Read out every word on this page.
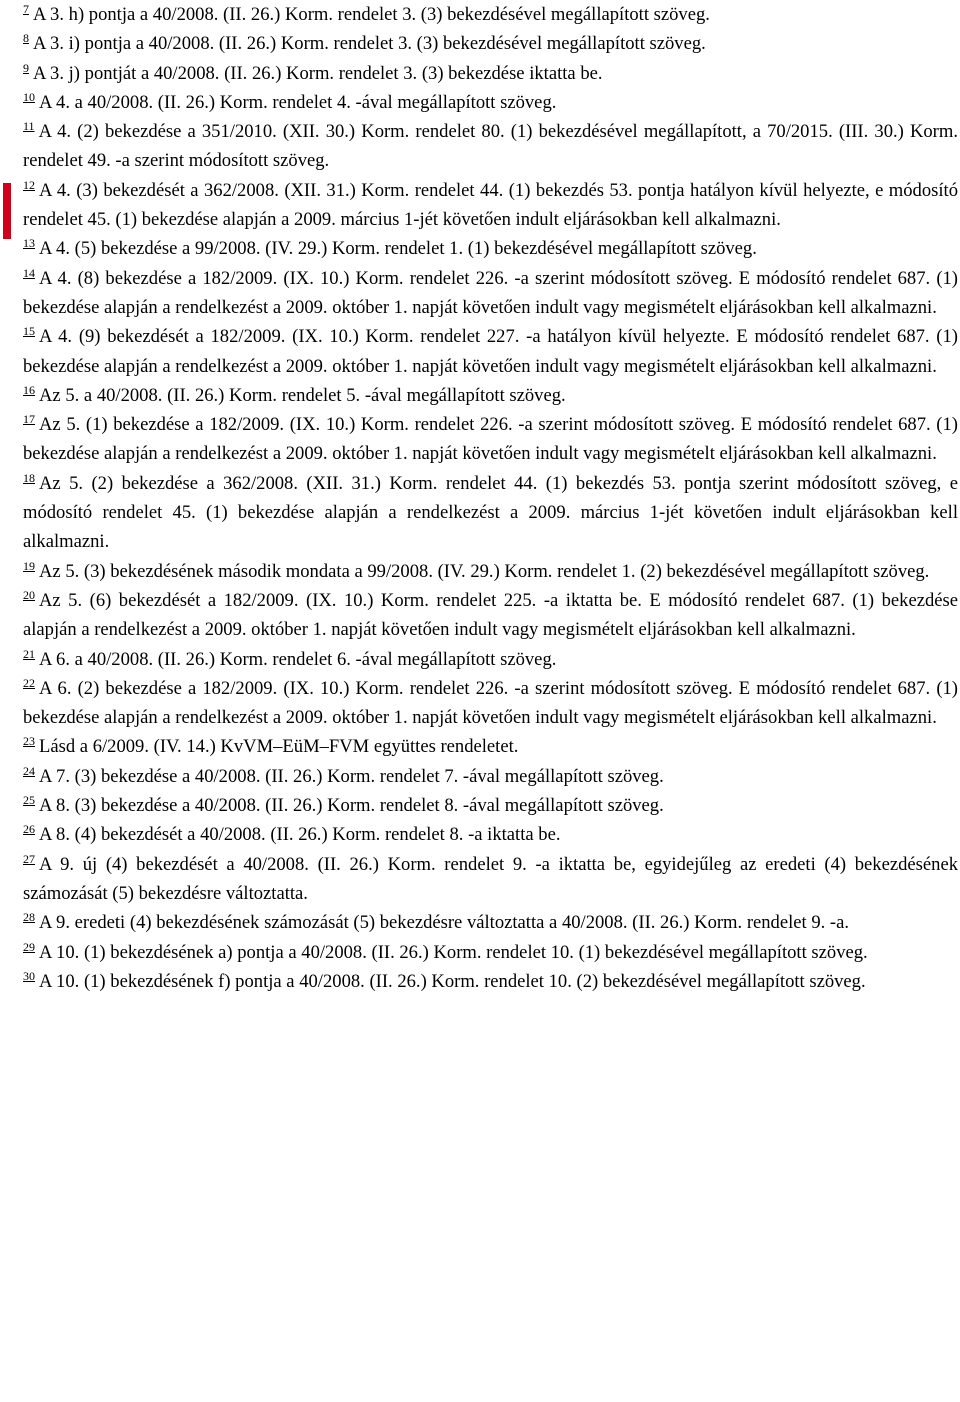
$^7$ A 3. h) pontja a 40/2008. (II. 26.) Korm. rendelet 3. (3) bekezdésével megállapított szöveg.

$^8$ A 3. i) pontja a 40/2008. (II. 26.) Korm. rendelet 3. (3) bekezdésével megállapított szöveg.

$^9$ A 3. j) pontját a 40/2008. (II. 26.) Korm. rendelet 3. (3) bekezdése iktatta be.

$^{10}$ A 4. a 40/2008. (II. 26.) Korm. rendelet 4. -ával megállapított szöveg.

$^{11}$ A 4. (2) bekezdése a 351/2010. (XII. 30.) Korm. rendelet 80. (1) bekezdésével megállapított, a 70/2015. (III. 30.) Korm. rendelet 49. -a szerint módosított szöveg.

$^{12}$ A 4. (3) bekezdését a 362/2008. (XII. 31.) Korm. rendelet 44. (1) bekezdés 53. pontja hatályon kívül helyezte, e módosító rendelet 45. (1) bekezdése alapján a 2009. március 1-jét követően indult eljárásokban kell alkalmazni.

$^{13}$ A 4. (5) bekezdése a 99/2008. (IV. 29.) Korm. rendelet 1. (1) bekezdésével megállapított szöveg.

$^{14}$ A 4. (8) bekezdése a 182/2009. (IX. 10.) Korm. rendelet 226. -a szerint módosított szöveg. E módosító rendelet 687. (1) bekezdése alapján a rendelkezést a 2009. október 1. napját követően indult vagy megismételt eljárásokban kell alkalmazni.

$^{15}$ A 4. (9) bekezdését a 182/2009. (IX. 10.) Korm. rendelet 227. -a hatályon kívül helyezte. E módosító rendelet 687. (1) bekezdése alapján a rendelkezést a 2009. október 1. napját követően indult vagy megismételt eljárásokban kell alkalmazni.

$^{16}$ Az 5. a 40/2008. (II. 26.) Korm. rendelet 5. -ával megállapított szöveg.

$^{17}$ Az 5. (1) bekezdése a 182/2009. (IX. 10.) Korm. rendelet 226. -a szerint módosított szöveg. E módosító rendelet 687. (1) bekezdése alapján a rendelkezést a 2009. október 1. napját követően indult vagy megismételt eljárásokban kell alkalmazni.

$^{18}$ Az 5. (2) bekezdése a 362/2008. (XII. 31.) Korm. rendelet 44. (1) bekezdés 53. pontja szerint módosított szöveg, e módosító rendelet 45. (1) bekezdése alapján a rendelkezést a 2009. március 1-jét követően indult eljárásokban kell alkalmazni.

$^{19}$ Az 5. (3) bekezdésének második mondata a 99/2008. (IV. 29.) Korm. rendelet 1. (2) bekezdésével megállapított szöveg.

$^{20}$ Az 5. (6) bekezdését a 182/2009. (IX. 10.) Korm. rendelet 225. -a iktatta be. E módosító rendelet 687. (1) bekezdése alapján a rendelkezést a 2009. október 1. napját követően indult vagy megismételt eljárásokban kell alkalmazni.

$^{21}$ A 6. a 40/2008. (II. 26.) Korm. rendelet 6. -ával megállapított szöveg.

$^{22}$ A 6. (2) bekezdése a 182/2009. (IX. 10.) Korm. rendelet 226. -a szerint módosított szöveg. E módosító rendelet 687. (1) bekezdése alapján a rendelkezést a 2009. október 1. napját követően indult vagy megismételt eljárásokban kell alkalmazni.

$^{23}$ Lásd a 6/2009. (IV. 14.) KvVM–EüM–FVM együttes rendeletet.

$^{24}$ A 7. (3) bekezdése a 40/2008. (II. 26.) Korm. rendelet 7. -ával megállapított szöveg.

$^{25}$ A 8. (3) bekezdése a 40/2008. (II. 26.) Korm. rendelet 8. -ával megállapított szöveg.

$^{26}$ A 8. (4) bekezdését a 40/2008. (II. 26.) Korm. rendelet 8. -a iktatta be.

$^{27}$ A 9. új (4) bekezdését a 40/2008. (II. 26.) Korm. rendelet 9. -a iktatta be, egyidejűleg az eredeti (4) bekezdésének számozását (5) bekezdésre változtatta.

$^{28}$ A 9. eredeti (4) bekezdésének számozását (5) bekezdésre változtatta a 40/2008. (II. 26.) Korm. rendelet 9. -a.

$^{29}$ A 10. (1) bekezdésének a) pontja a 40/2008. (II. 26.) Korm. rendelet 10. (1) bekezdésével megállapított szöveg.

$^{30}$ A 10. (1) bekezdésének f) pontja a 40/2008. (II. 26.) Korm. rendelet 10. (2) bekezdésével megállapított szöveg.
